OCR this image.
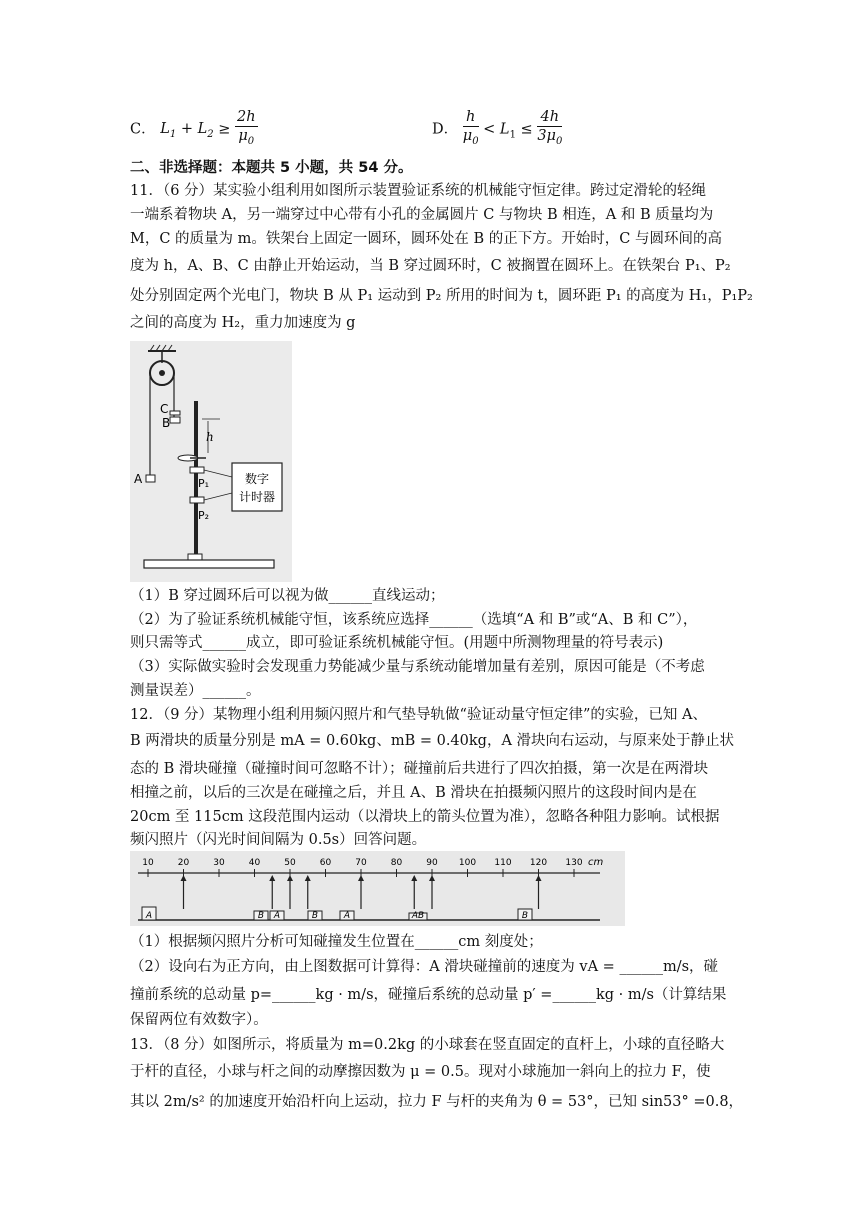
C． $L_1 + L_2 \ge \frac{2h}{\mu_0}$	D． $\frac{h}{\mu_0} < L_1 \le \frac{4h}{3\mu_0}$
二、非选择题：本题共 5 小题，共 54 分。
11．（6 分）某实验小组利用如图所示装置验证系统的机械能守恒定律。跨过定滑轮的轻绳
一端系着物块 A，另一端穿过中心带有小孔的金属圆片 C 与物块 B 相连，A 和 B 质量均为
M，C 的质量为 m。铁架台上固定一圆环，圆环处在 B 的正下方。开始时，C 与圆环间的高
度为 h，A、B、C 由静止开始运动，当 B 穿过圆环时，C 被搁置在圆环上。在铁架台 P₁、P₂
处分别固定两个光电门，物块 B 从 P₁ 运动到 P₂ 所用的时间为 t，圆环距 P₁ 的高度为 H₁，P₁P₂
之间的高度为 H₂，重力加速度为 g
A
C
B
h
P₁
P₂
数字
计时器
（1）B 穿过圆环后可以视为做______直线运动；
（2）为了验证系统机械能守恒，该系统应选择______（选填“A 和 B”或“A、B 和 C”），
则只需等式______成立，即可验证系统机械能守恒。(用题中所测物理量的符号表示)
（3）实际做实验时会发现重力势能减少量与系统动能增加量有差别，原因可能是（不考虑
测量误差）______。
12．（9 分）某物理小组利用频闪照片和气垫导轨做“验证动量守恒定律”的实验，已知 A、
B 两滑块的质量分别是 mA = 0.60kg、mB = 0.40kg，A 滑块向右运动，与原来处于静止状
态的 B 滑块碰撞（碰撞时间可忽略不计）；碰撞前后共进行了四次拍摄，第一次是在两滑块
相撞之前，以后的三次是在碰撞之后，并且 A、B 滑块在拍摄频闪照片的这段时间内是在
20cm 至 115cm 这段范围内运动（以滑块上的箭头位置为准），忽略各种阻力影响。试根据
频闪照片（闪光时间间隔为 0.5s）回答问题。
10	20	30	40	50	60	70	80	90 100 110 120 130 cm
A	B A	B	A	AB	B
（1）根据频闪照片分析可知碰撞发生位置在______cm 刻度处；
（2）设向右为正方向，由上图数据可计算得：A 滑块碰撞前的速度为 vA = ______m/s，碰
撞前系统的总动量 p=______kg · m/s，碰撞后系统的总动量 p′ =______kg · m/s（计算结果
保留两位有效数字）。
13．（8 分）如图所示，将质量为 m=0.2kg 的小球套在竖直固定的直杆上，小球的直径略大
于杆的直径，小球与杆之间的动摩擦因数为 μ = 0.5。现对小球施加一斜向上的拉力 F，使
其以 2m/s² 的加速度开始沿杆向上运动，拉力 F 与杆的夹角为 θ = 53°，已知 sin53° =0.8，
